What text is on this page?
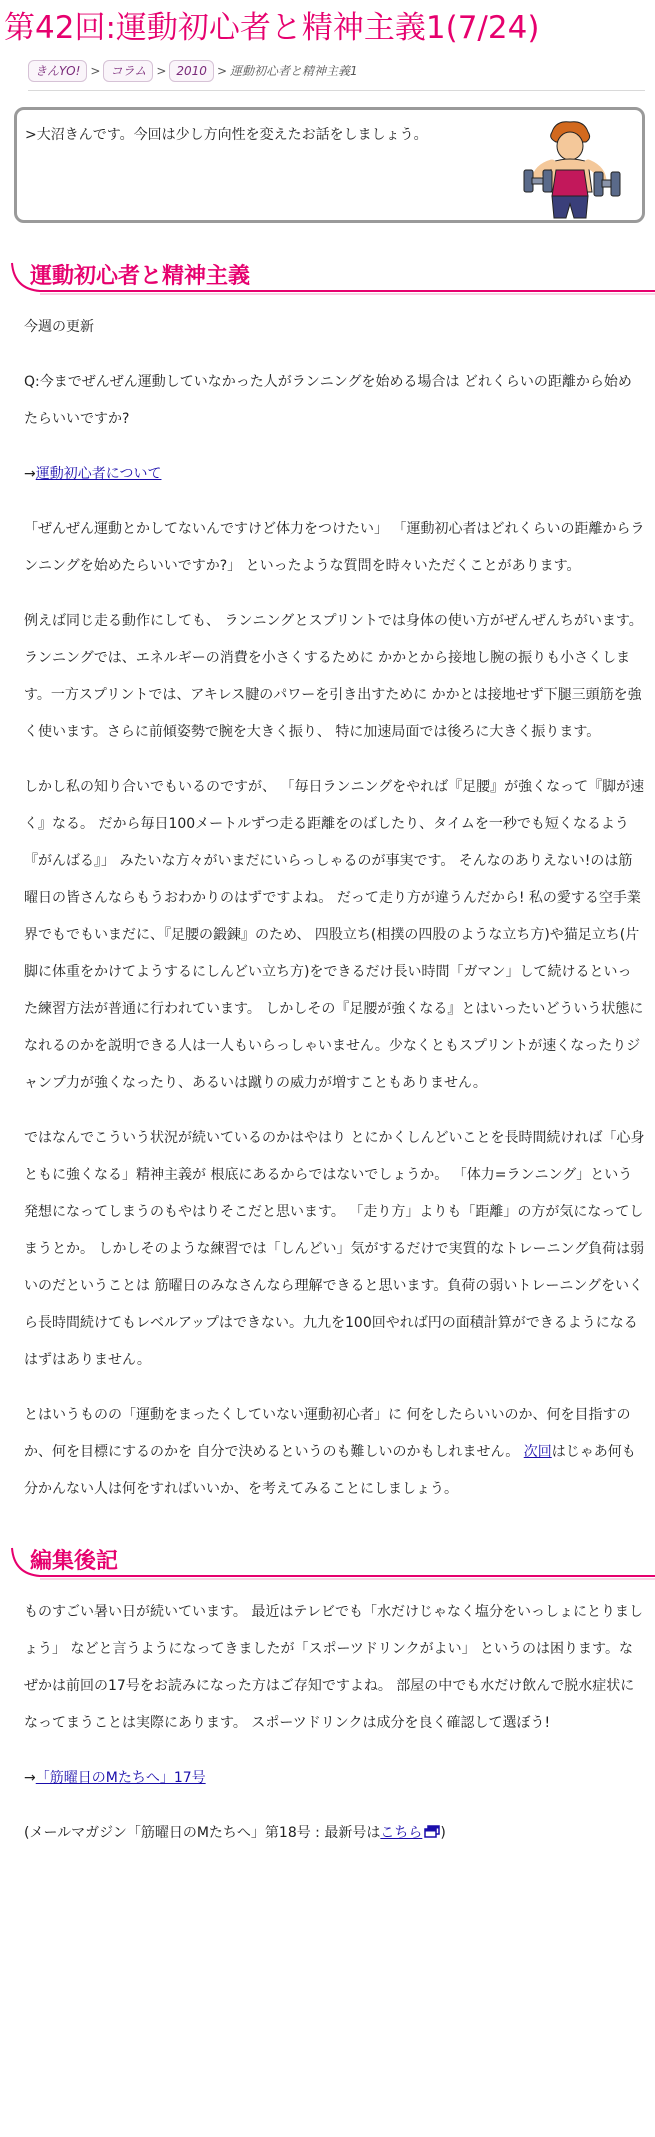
第42回:運動初心者と精神主義1(7/24)
きんYO! > コラム > 2010 > 運動初心者と精神主義1
>大沼きんです。今回は少し方向性を変えたお話をしましょう。
運動初心者と精神主義

今週の更新

Q:今までぜんぜん運動していなかった人がランニングを始める場合は どれくらいの距離から始めたらいいですか?

→運動初心者について

「ぜんぜん運動とかしてないんですけど体力をつけたい」 「運動初心者はどれくらいの距離からランニングを始めたらいいですか?」 といったような質問を時々いただくことがあります。

例えば同じ走る動作にしても、 ランニングとスプリントでは身体の使い方がぜんぜんちがいます。 ランニングでは、エネルギーの消費を小さくするために かかとから接地し腕の振りも小さくします。一方スプリントでは、アキレス腱のパワーを引き出すために かかとは接地せず下腿三頭筋を強く使います。さらに前傾姿勢で腕を大きく振り、 特に加速局面では後ろに大きく振ります。

しかし私の知り合いでもいるのですが、 「毎日ランニングをやれば『足腰』が強くなって『脚が速く』なる。 だから毎日100メートルずつ走る距離をのばしたり、タイムを一秒でも短くなるよう『がんばる』」 みたいな方々がいまだにいらっしゃるのが事実です。 そんなのありえない!のは筋曜日の皆さんならもうおわかりのはずですよね。 だって走り方が違うんだから! 私の愛する空手業界でもでもいまだに、『足腰の鍛錬』のため、 四股立ち(相撲の四股のような立ち方)や猫足立ち(片脚に体重をかけてようするにしんどい立ち方)をできるだけ長い時間「ガマン」して続けるといった練習方法が普通に行われています。 しかしその『足腰が強くなる』とはいったいどういう状態になれるのかを説明できる人は一人もいらっしゃいません。少なくともスプリントが速くなったりジャンプ力が強くなったり、あるいは蹴りの威力が増すこともありません。

ではなんでこういう状況が続いているのかはやはり とにかくしんどいことを長時間続ければ「心身ともに強くなる」精神主義が 根底にあるからではないでしょうか。 「体力=ランニング」という発想になってしまうのもやはりそこだと思います。 「走り方」よりも「距離」の方が気になってしまうとか。 しかしそのような練習では「しんどい」気がするだけで実質的なトレーニング負荷は弱いのだということは 筋曜日のみなさんなら理解できると思います。負荷の弱いトレーニングをいくら長時間続けてもレベルアップはできない。九九を100回やれば円の面積計算ができるようになるはずはありません。

とはいうものの「運動をまったくしていない運動初心者」に 何をしたらいいのか、何を目指すのか、何を目標にするのかを 自分で決めるというのも難しいのかもしれません。 次回はじゃあ何も分かんない人は何をすればいいか、を考えてみることにしましょう。

編集後記

ものすごい暑い日が続いています。 最近はテレビでも「水だけじゃなく塩分をいっしょにとりましょう」 などと言うようになってきましたが「スポーツドリンクがよい」 というのは困ります。なぜかは前回の17号をお読みになった方はご存知ですよね。 部屋の中でも水だけ飲んで脱水症状になってまうことは実際にあります。 スポーツドリンクは成分を良く確認して選ぼう!

→「筋曜日のMたちへ」17号

(メールマガジン「筋曜日のMたちへ」第18号 : 最新号はこちら )
